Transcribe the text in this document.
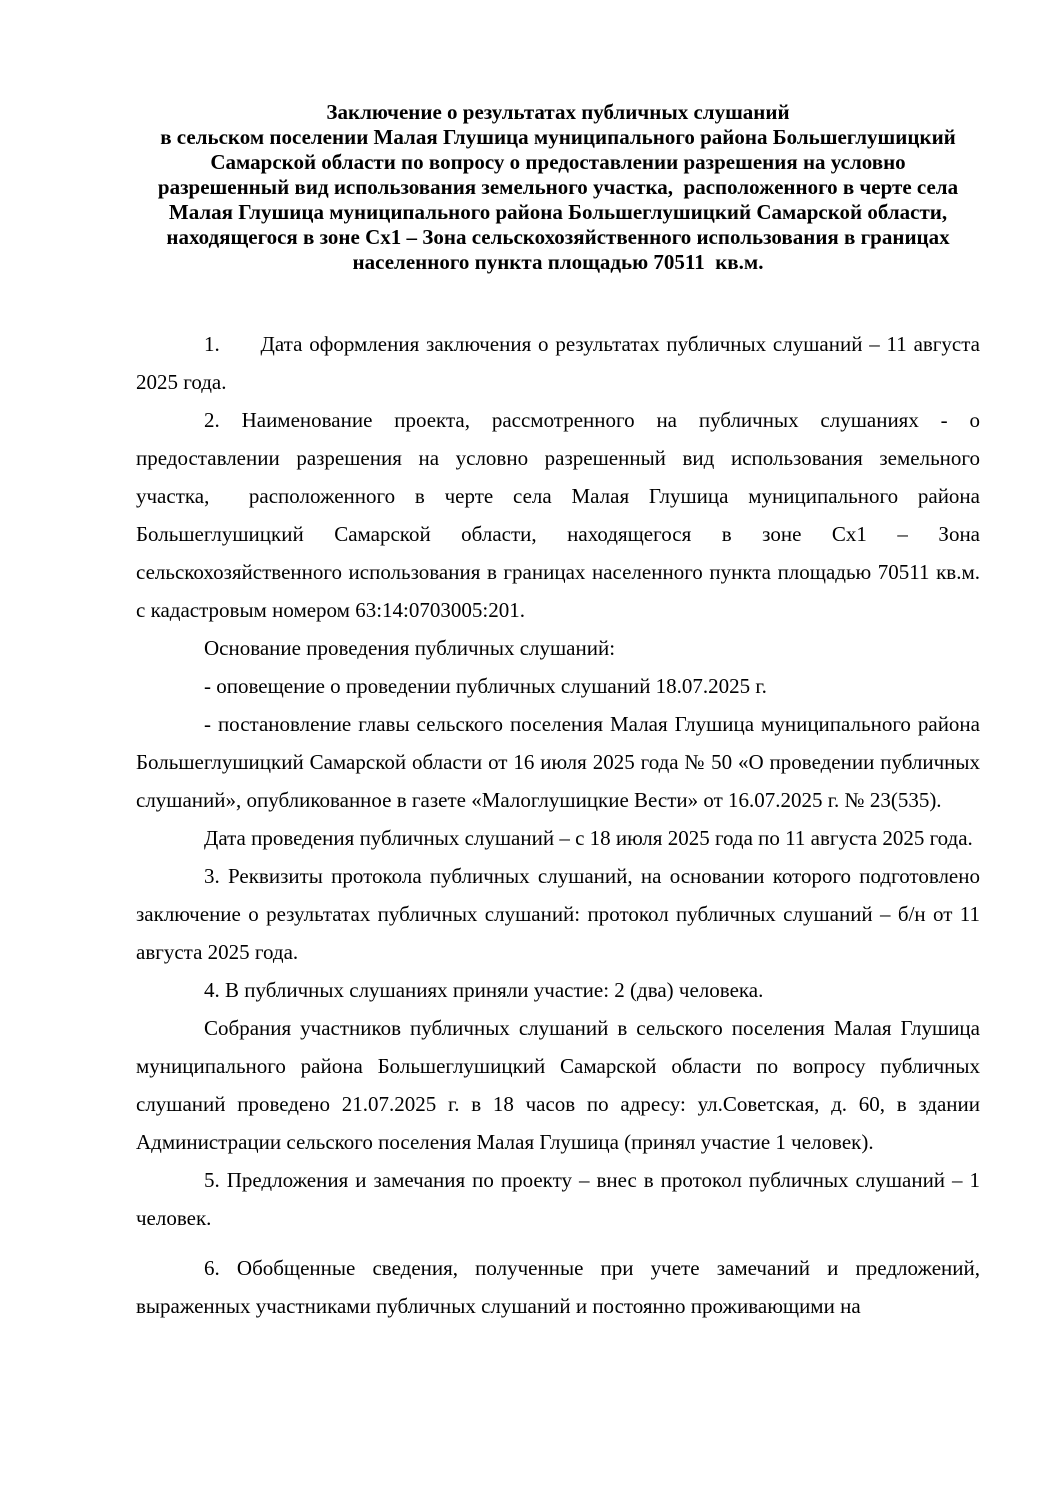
Заключение о результатах публичных слушаний
в сельском поселении Малая Глушица муниципального района Большеглушицкий
Самарской области по вопросу о предоставлении разрешения на условно
разрешенный вид использования земельного участка,  расположенного в черте села
Малая Глушица муниципального района Большеглушицкий Самарской области,
находящегося в зоне Сх1 – Зона сельскохозяйственного использования в границах
населенного пункта площадью 70511  кв.м.

1.      Дата оформления заключения о результатах публичных слушаний – 11 августа 2025 года.

2. Наименование проекта, рассмотренного на публичных слушаниях - о предоставлении разрешения на условно разрешенный вид использования земельного участка,  расположенного в черте села Малая Глушица муниципального района Большеглушицкий Самарской области, находящегося в зоне Сх1 – Зона сельскохозяйственного использования в границах населенного пункта площадью 70511 кв.м. с кадастровым номером 63:14:0703005:201.

Основание проведения публичных слушаний:

- оповещение о проведении публичных слушаний 18.07.2025 г.

- постановление главы сельского поселения Малая Глушица муниципального района Большеглушицкий Самарской области от 16 июля 2025 года № 50 «О проведении публичных слушаний», опубликованное в газете «Малоглушицкие Вести» от 16.07.2025 г. № 23(535).

Дата проведения публичных слушаний – с 18 июля 2025 года по 11 августа 2025 года.

3. Реквизиты протокола публичных слушаний, на основании которого подготовлено заключение о результатах публичных слушаний: протокол публичных слушаний – б/н от 11 августа 2025 года.

4. В публичных слушаниях приняли участие: 2 (два) человека.

Собрания участников публичных слушаний в сельского поселения Малая Глушица муниципального района Большеглушицкий Самарской области по вопросу публичных слушаний проведено 21.07.2025 г. в 18 часов по адресу: ул.Советская, д. 60, в здании Администрации сельского поселения Малая Глушица (принял участие 1 человек).

5. Предложения и замечания по проекту – внес в протокол публичных слушаний – 1 человек.

6. Обобщенные сведения, полученные при учете замечаний и предложений, выраженных участниками публичных слушаний и постоянно проживающими на
